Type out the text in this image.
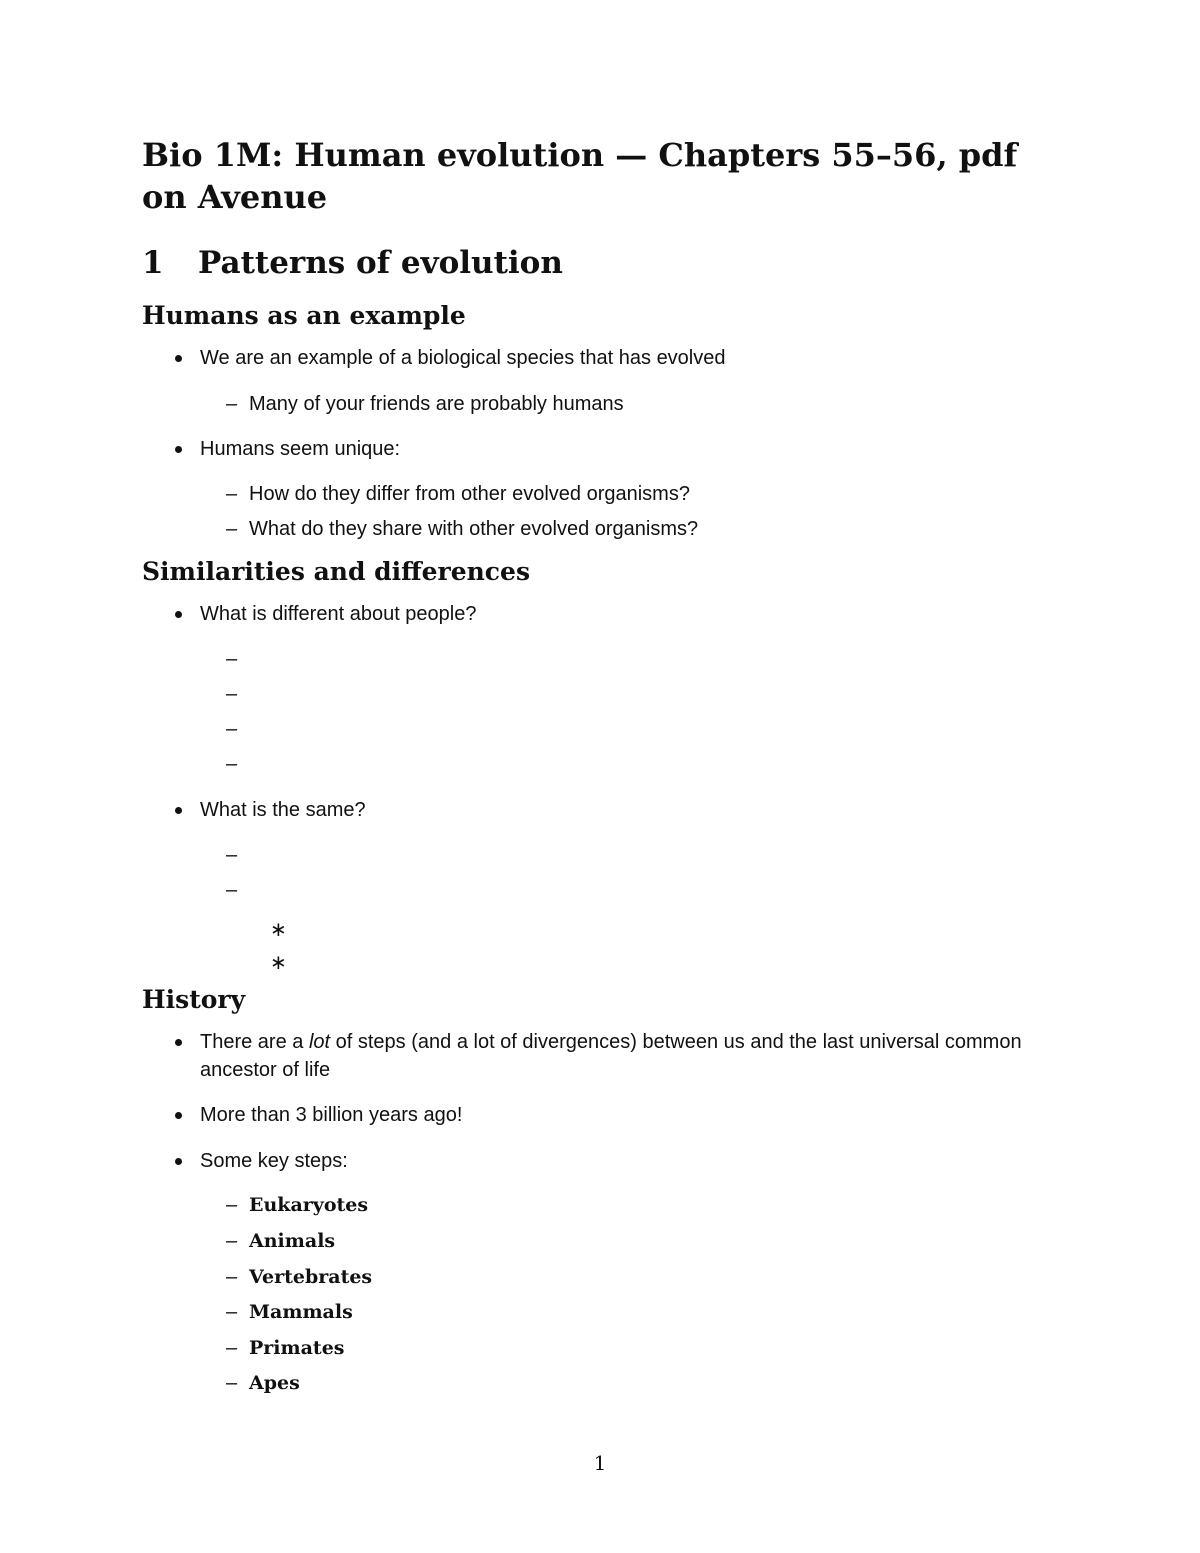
Bio 1M: Human evolution — Chapters 55–56, pdf on Avenue
1 Patterns of evolution
Humans as an example
We are an example of a biological species that has evolved
– Many of your friends are probably humans
Humans seem unique:
– How do they differ from other evolved organisms?
– What do they share with other evolved organisms?
Similarities and differences
What is different about people?
–
–
–
–
What is the same?
–
–
∗
∗
History
There are a lot of steps (and a lot of divergences) between us and the last universal common ancestor of life
More than 3 billion years ago!
Some key steps:
– Eukaryotes
– Animals
– Vertebrates
– Mammals
– Primates
– Apes
1
